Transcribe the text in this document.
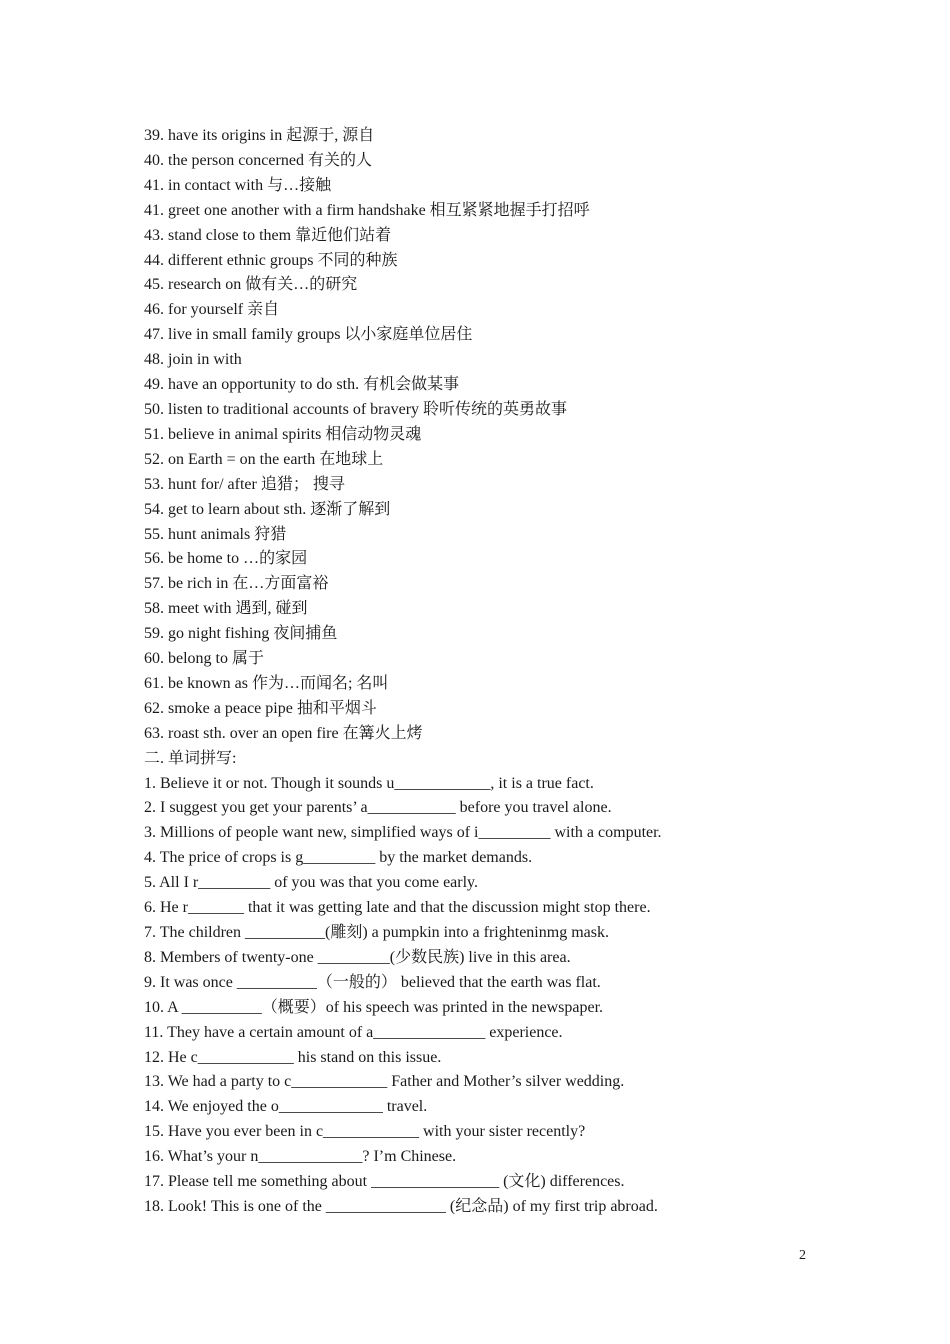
39. have its origins in 起源于, 源自
40. the person concerned 有关的人
41. in contact with 与…接触
41. greet one another with a firm handshake 相互紧紧地握手打招呼
43. stand close to them 靠近他们站着
44. different ethnic groups 不同的种族
45. research on 做有关…的研究
46. for yourself 亲自
47. live in small family groups 以小家庭单位居住
48. join in with
49. have an opportunity to do sth. 有机会做某事
50. listen to traditional accounts of bravery 聆听传统的英勇故事
51. believe in animal spirits 相信动物灵魂
52. on Earth = on the earth 在地球上
53. hunt for/ after 追猎； 搜寻
54. get to learn about sth. 逐渐了解到
55. hunt animals 狩猎
56. be home to …的家园
57. be rich in 在…方面富裕
58. meet with 遇到, 碰到
59. go night fishing 夜间捕鱼
60. belong to 属于
61. be known as 作为…而闻名; 名叫
62. smoke a peace pipe 抽和平烟斗
63. roast sth. over an open fire 在篝火上烤
二. 单词拼写:
1. Believe it or not. Though it sounds u____________, it is a true fact.
2. I suggest you get your parents’ a___________ before you travel alone.
3. Millions of people want new, simplified ways of i_________ with a computer.
4. The price of crops is g_________ by the market demands.
5. All I r_________ of you was that you come early.
6. He r_______ that it was getting late and that the discussion might stop there.
7. The children __________(雕刻) a pumpkin into a frighteninmg mask.
8. Members of twenty-one _________(少数民族) live in this area.
9. It was once __________（一般的） believed that the earth was flat.
10. A __________（概要）of his speech was printed in the newspaper.
11. They have a certain amount of a______________ experience.
12. He c____________ his stand on this issue.
13. We had a party to c____________ Father and Mother’s silver wedding.
14. We enjoyed the o_____________ travel.
15. Have you ever been in c____________ with your sister recently?
16. What’s your n_____________? I’m Chinese.
17. Please tell me something about ________________ (文化) differences.
18. Look! This is one of the _______________ (纪念品) of my first trip abroad.
2
